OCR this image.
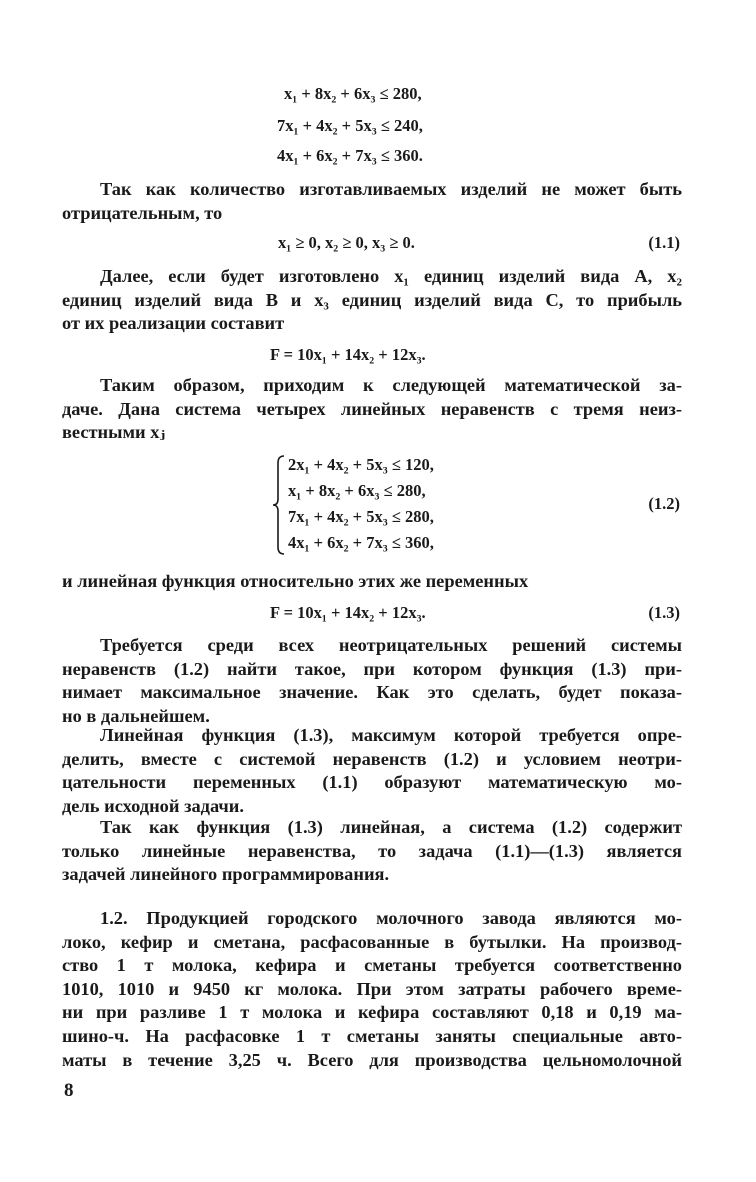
x₁ + 8x₂ + 6x₃ ≤ 280,
7x₁ + 4x₂ + 5x₃ ≤ 240,
4x₁ + 6x₂ + 7x₃ ≤ 360.
Так как количество изготавливаемых изделий не может быть
отрицательным, то
x₁ ≥ 0, x₂ ≥ 0, x₃ ≥ 0.	(1.1)
Далее, если будет изготовлено x₁ единиц изделий вида A, x₂
единиц изделий вида B и x₃ единиц изделий вида C, то прибыль
от их реализации составит
F = 10x₁ + 14x₂ + 12x₃.
Таким образом, приходим к следующей математической за-
даче. Дана система четырех линейных неравенств с тремя неиз-
вестными xⱼ
2x₁ + 4x₂ + 5x₃ ≤ 120,
x₁ + 8x₂ + 6x₃ ≤ 280,
7x₁ + 4x₂ + 5x₃ ≤ 280,
4x₁ + 6x₂ + 7x₃ ≤ 360,
(1.2)
и линейная функция относительно этих же переменных
F = 10x₁ + 14x₂ + 12x₃.	(1.3)
Требуется среди всех неотрицательных решений системы
неравенств (1.2) найти такое, при котором функция (1.3) при-
нимает максимальное значение. Как это сделать, будет показа-
но в дальнейшем.
Линейная функция (1.3), максимум которой требуется опре-
делить, вместе с системой неравенств (1.2) и условием неотри-
цательности переменных (1.1) образуют математическую мо-
дель исходной задачи.
Так как функция (1.3) линейная, а система (1.2) содержит
только линейные неравенства, то задача (1.1)—(1.3) является
задачей линейного программирования.
1.2. Продукцией городского молочного завода являются мо-
локо, кефир и сметана, расфасованные в бутылки. На производ-
ство 1 т молока, кефира и сметаны требуется соответственно
1010, 1010 и 9450 кг молока. При этом затраты рабочего време-
ни при разливе 1 т молока и кефира составляют 0,18 и 0,19 ма-
шино-ч. На расфасовке 1 т сметаны заняты специальные авто-
маты в течение 3,25 ч. Всего для производства цельномолочной
8
